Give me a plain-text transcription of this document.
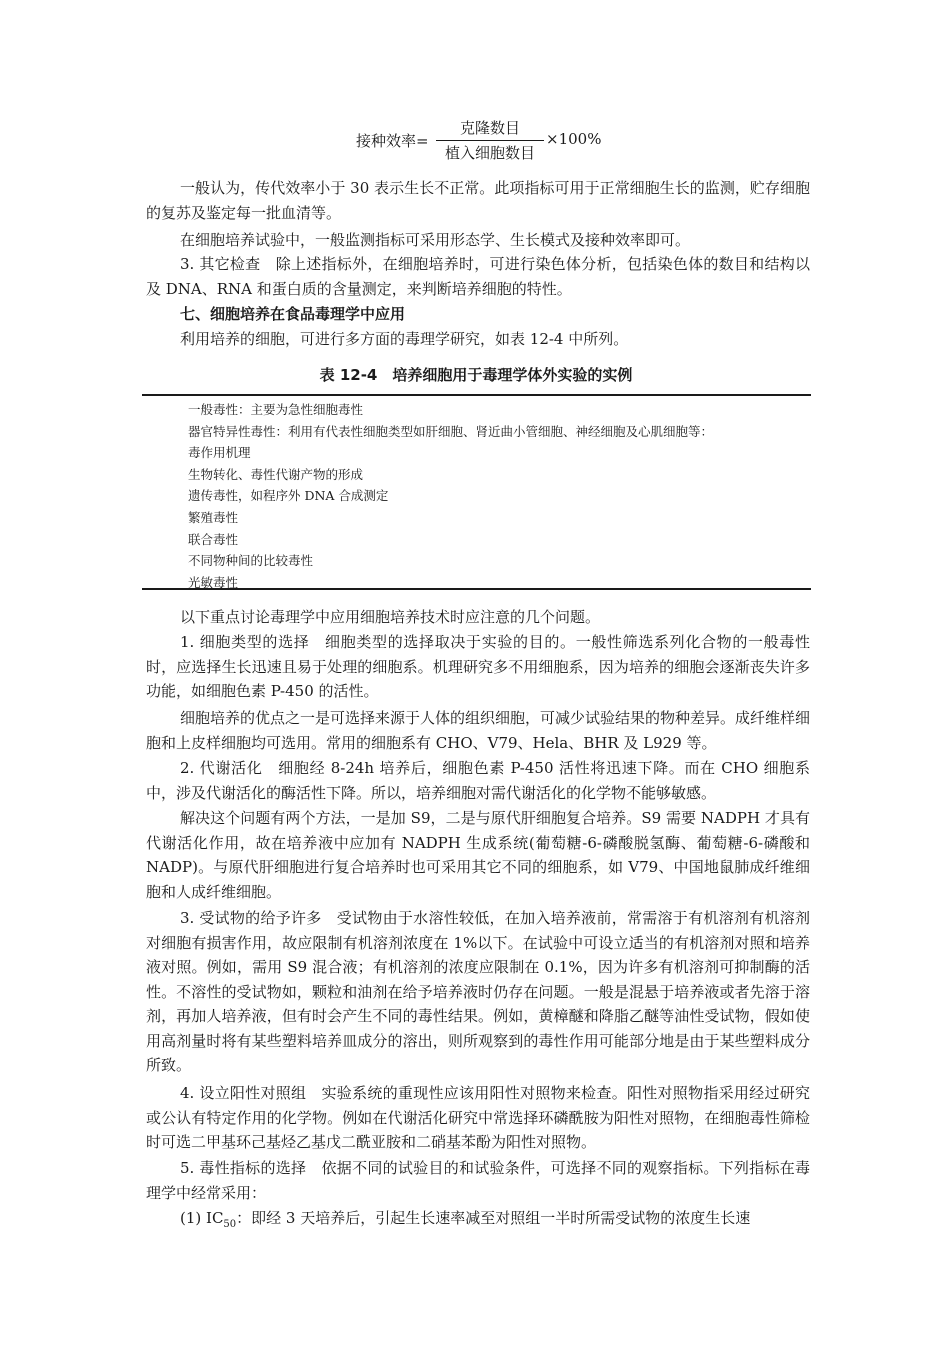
接种效率=
克隆数目
植入细胞数目
×100%

一般认为，传代效率小于 30 表示生长不正常。此项指标可用于正常细胞生长的监测，贮存细胞的复苏及鉴定每一批血清等。

在细胞培养试验中，一般监测指标可采用形态学、生长模式及接种效率即可。

3. 其它检查　除上述指标外，在细胞培养时，可进行染色体分析，包括染色体的数目和结构以及 DNA、RNA 和蛋白质的含量测定，来判断培养细胞的特性。

七、细胞培养在食品毒理学中应用

利用培养的细胞，可进行多方面的毒理学研究，如表 12-4 中所列。

表 12-4　培养细胞用于毒理学体外实验的实例
一般毒性：主要为急性细胞毒性
器官特异性毒性：利用有代表性细胞类型如肝细胞、肾近曲小管细胞、神经细胞及心肌细胞等：
毒作用机理
生物转化、毒性代谢产物的形成
遗传毒性，如程序外 DNA 合成测定
繁殖毒性
联合毒性
不同物种间的比较毒性
光敏毒性

以下重点讨论毒理学中应用细胞培养技术时应注意的几个问题。

1. 细胞类型的选择　细胞类型的选择取决于实验的目的。一般性筛选系列化合物的一般毒性时，应选择生长迅速且易于处理的细胞系。机理研究多不用细胞系，因为培养的细胞会逐渐丧失许多功能，如细胞色素 P-450 的活性。

细胞培养的优点之一是可选择来源于人体的组织细胞，可减少试验结果的物种差异。成纤维样细胞和上皮样细胞均可选用。常用的细胞系有 CHO、V79、Hela、BHR 及 L929 等。

2. 代谢活化　细胞经 8-24h 培养后，细胞色素 P-450 活性将迅速下降。而在 CHO 细胞系中，涉及代谢活化的酶活性下降。所以，培养细胞对需代谢活化的化学物不能够敏感。

解决这个问题有两个方法，一是加 S9，二是与原代肝细胞复合培养。S9 需要 NADPH 才具有代谢活化作用，故在培养液中应加有 NADPH 生成系统(葡萄糖-6-磷酸脱氢酶、葡萄糖-6-磷酸和 NADP)。与原代肝细胞进行复合培养时也可采用其它不同的细胞系，如 V79、中国地鼠肺成纤维细胞和人成纤维细胞。

3. 受试物的给予许多　受试物由于水溶性较低，在加入培养液前，常需溶于有机溶剂有机溶剂对细胞有损害作用，故应限制有机溶剂浓度在 1%以下。在试验中可设立适当的有机溶剂对照和培养液对照。例如，需用 S9 混合液；有机溶剂的浓度应限制在 0.1%，因为许多有机溶剂可抑制酶的活性。不溶性的受试物如，颗粒和油剂在给予培养液时仍存在问题。一般是混悬于培养液或者先溶于溶剂，再加人培养液，但有时会产生不同的毒性结果。例如，黄樟醚和降脂乙醚等油性受试物，假如使用高剂量时将有某些塑料培养皿成分的溶出，则所观察到的毒性作用可能部分地是由于某些塑料成分所致。

4. 设立阳性对照组　实验系统的重现性应该用阳性对照物来检查。阳性对照物指采用经过研究或公认有特定作用的化学物。例如在代谢活化研究中常选择环磷酰胺为阳性对照物，在细胞毒性筛检时可选二甲基环己基烃乙基戊二酰亚胺和二硝基苯酚为阳性对照物。

5. 毒性指标的选择　依据不同的试验目的和试验条件，可选择不同的观察指标。下列指标在毒理学中经常采用：

(1) $IC_{50}$：即经 3 天培养后，引起生长速率减至对照组一半时所需受试物的浓度生长速
